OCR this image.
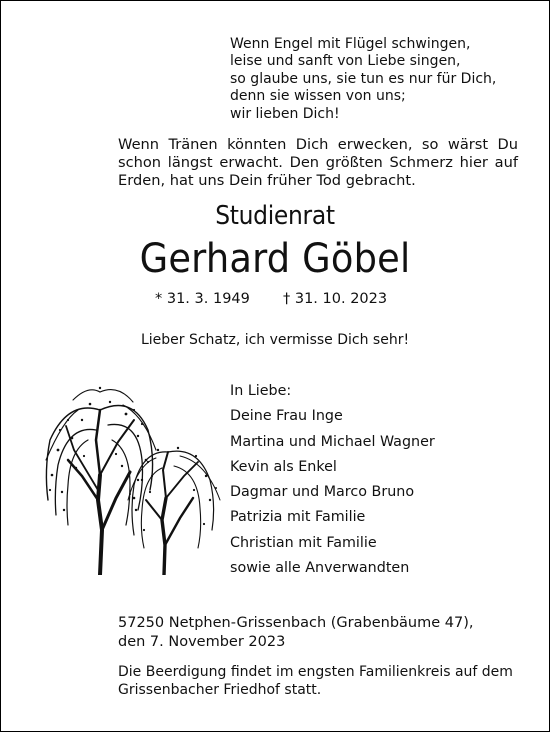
Wenn Engel mit Flügel schwingen,
leise und sanft von Liebe singen,
so glaube uns, sie tun es nur für Dich,
denn sie wissen von uns;
wir lieben Dich!
Wenn Tränen könnten Dich erwecken, so wärst Du schon längst erwacht. Den größten Schmerz hier auf Erden, hat uns Dein früher Tod gebracht.
Studienrat
Gerhard Göbel
* 31. 3. 1949 † 31. 10. 2023
Lieber Schatz, ich vermisse Dich sehr!
In Liebe:
Deine Frau Inge
Martina und Michael Wagner
Kevin als Enkel
Dagmar und Marco Bruno
Patrizia mit Familie
Christian mit Familie
sowie alle Anverwandten
57250 Netphen-Grissenbach (Grabenbäume 47),
den 7. November 2023
Die Beerdigung findet im engsten Familienkreis auf dem Grissenbacher Friedhof statt.
